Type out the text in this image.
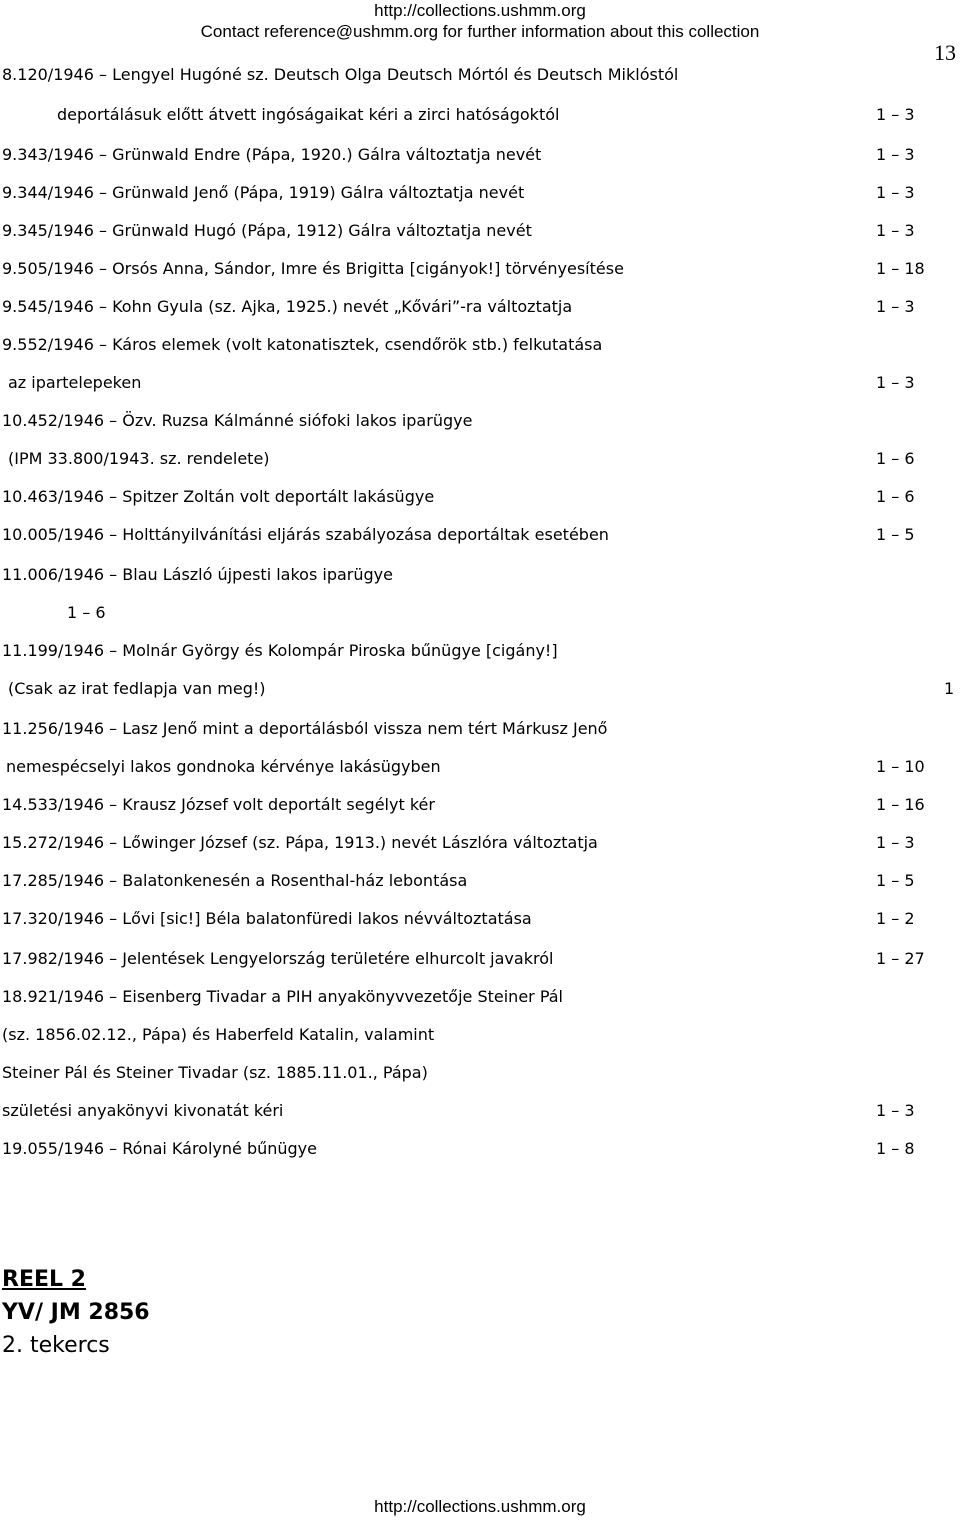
http://collections.ushmm.org
Contact reference@ushmm.org for further information about this collection
13
8.120/1946 – Lengyel Hugóné sz. Deutsch Olga Deutsch Mórtól és Deutsch Miklóstól
deportálásuk előtt átvett ingóságaikat kéri a zirci hatóságoktól	1 – 3
9.343/1946 – Grünwald Endre (Pápa, 1920.) Gálra változtatja nevét	1 – 3
9.344/1946 – Grünwald Jenő (Pápa, 1919) Gálra változtatja nevét	1 – 3
9.345/1946 – Grünwald Hugó (Pápa, 1912) Gálra változtatja nevét	1 – 3
9.505/1946 – Orsós Anna, Sándor, Imre és Brigitta [cigányok!] törvényesítése	1 – 18
9.545/1946 – Kohn Gyula (sz. Ajka, 1925.) nevét „Kővári”-ra változtatja	1 – 3
9.552/1946 – Káros elemek (volt katonatisztek, csendőrök stb.) felkutatása
az ipartelepeken	1 – 3
10.452/1946 – Özv. Ruzsa Kálmánné siófoki lakos iparügye
(IPM 33.800/1943. sz. rendelete)	1 – 6
10.463/1946 – Spitzer Zoltán volt deportált lakásügye	1 – 6
10.005/1946 – Holttányilvánítási eljárás szabályozása deportáltak esetében	1 – 5
11.006/1946 – Blau László újpesti lakos iparügye
1 – 6
11.199/1946 – Molnár György és Kolompár Piroska bűnügye [cigány!]
(Csak az irat fedlapja van meg!)	1
11.256/1946 – Lasz Jenő mint a deportálásból vissza nem tért Márkusz Jenő
nemespécselyi lakos gondnoka kérvénye lakásügyben	1 – 10
14.533/1946 – Krausz József volt deportált segélyt kér	1 – 16
15.272/1946 – Lőwinger József (sz. Pápa, 1913.) nevét Lászlóra változtatja	1 – 3
17.285/1946 – Balatonkenesén a Rosenthal-ház lebontása	1 – 5
17.320/1946 – Lővi [sic!] Béla balatonfüredi lakos névváltoztatása	1 – 2
17.982/1946 – Jelentések Lengyelország területére elhurcolt javakról	1 – 27
18.921/1946 – Eisenberg Tivadar a PIH anyakönyvvezetője Steiner Pál
(sz. 1856.02.12., Pápa) és Haberfeld Katalin, valamint
Steiner Pál és Steiner Tivadar (sz. 1885.11.01., Pápa)
születési anyakönyvi kivonatát kéri	1 – 3
19.055/1946 – Rónai Károlyné bűnügye	1 – 8
REEL 2
YV/ JM 2856
2. tekercs
http://collections.ushmm.org
